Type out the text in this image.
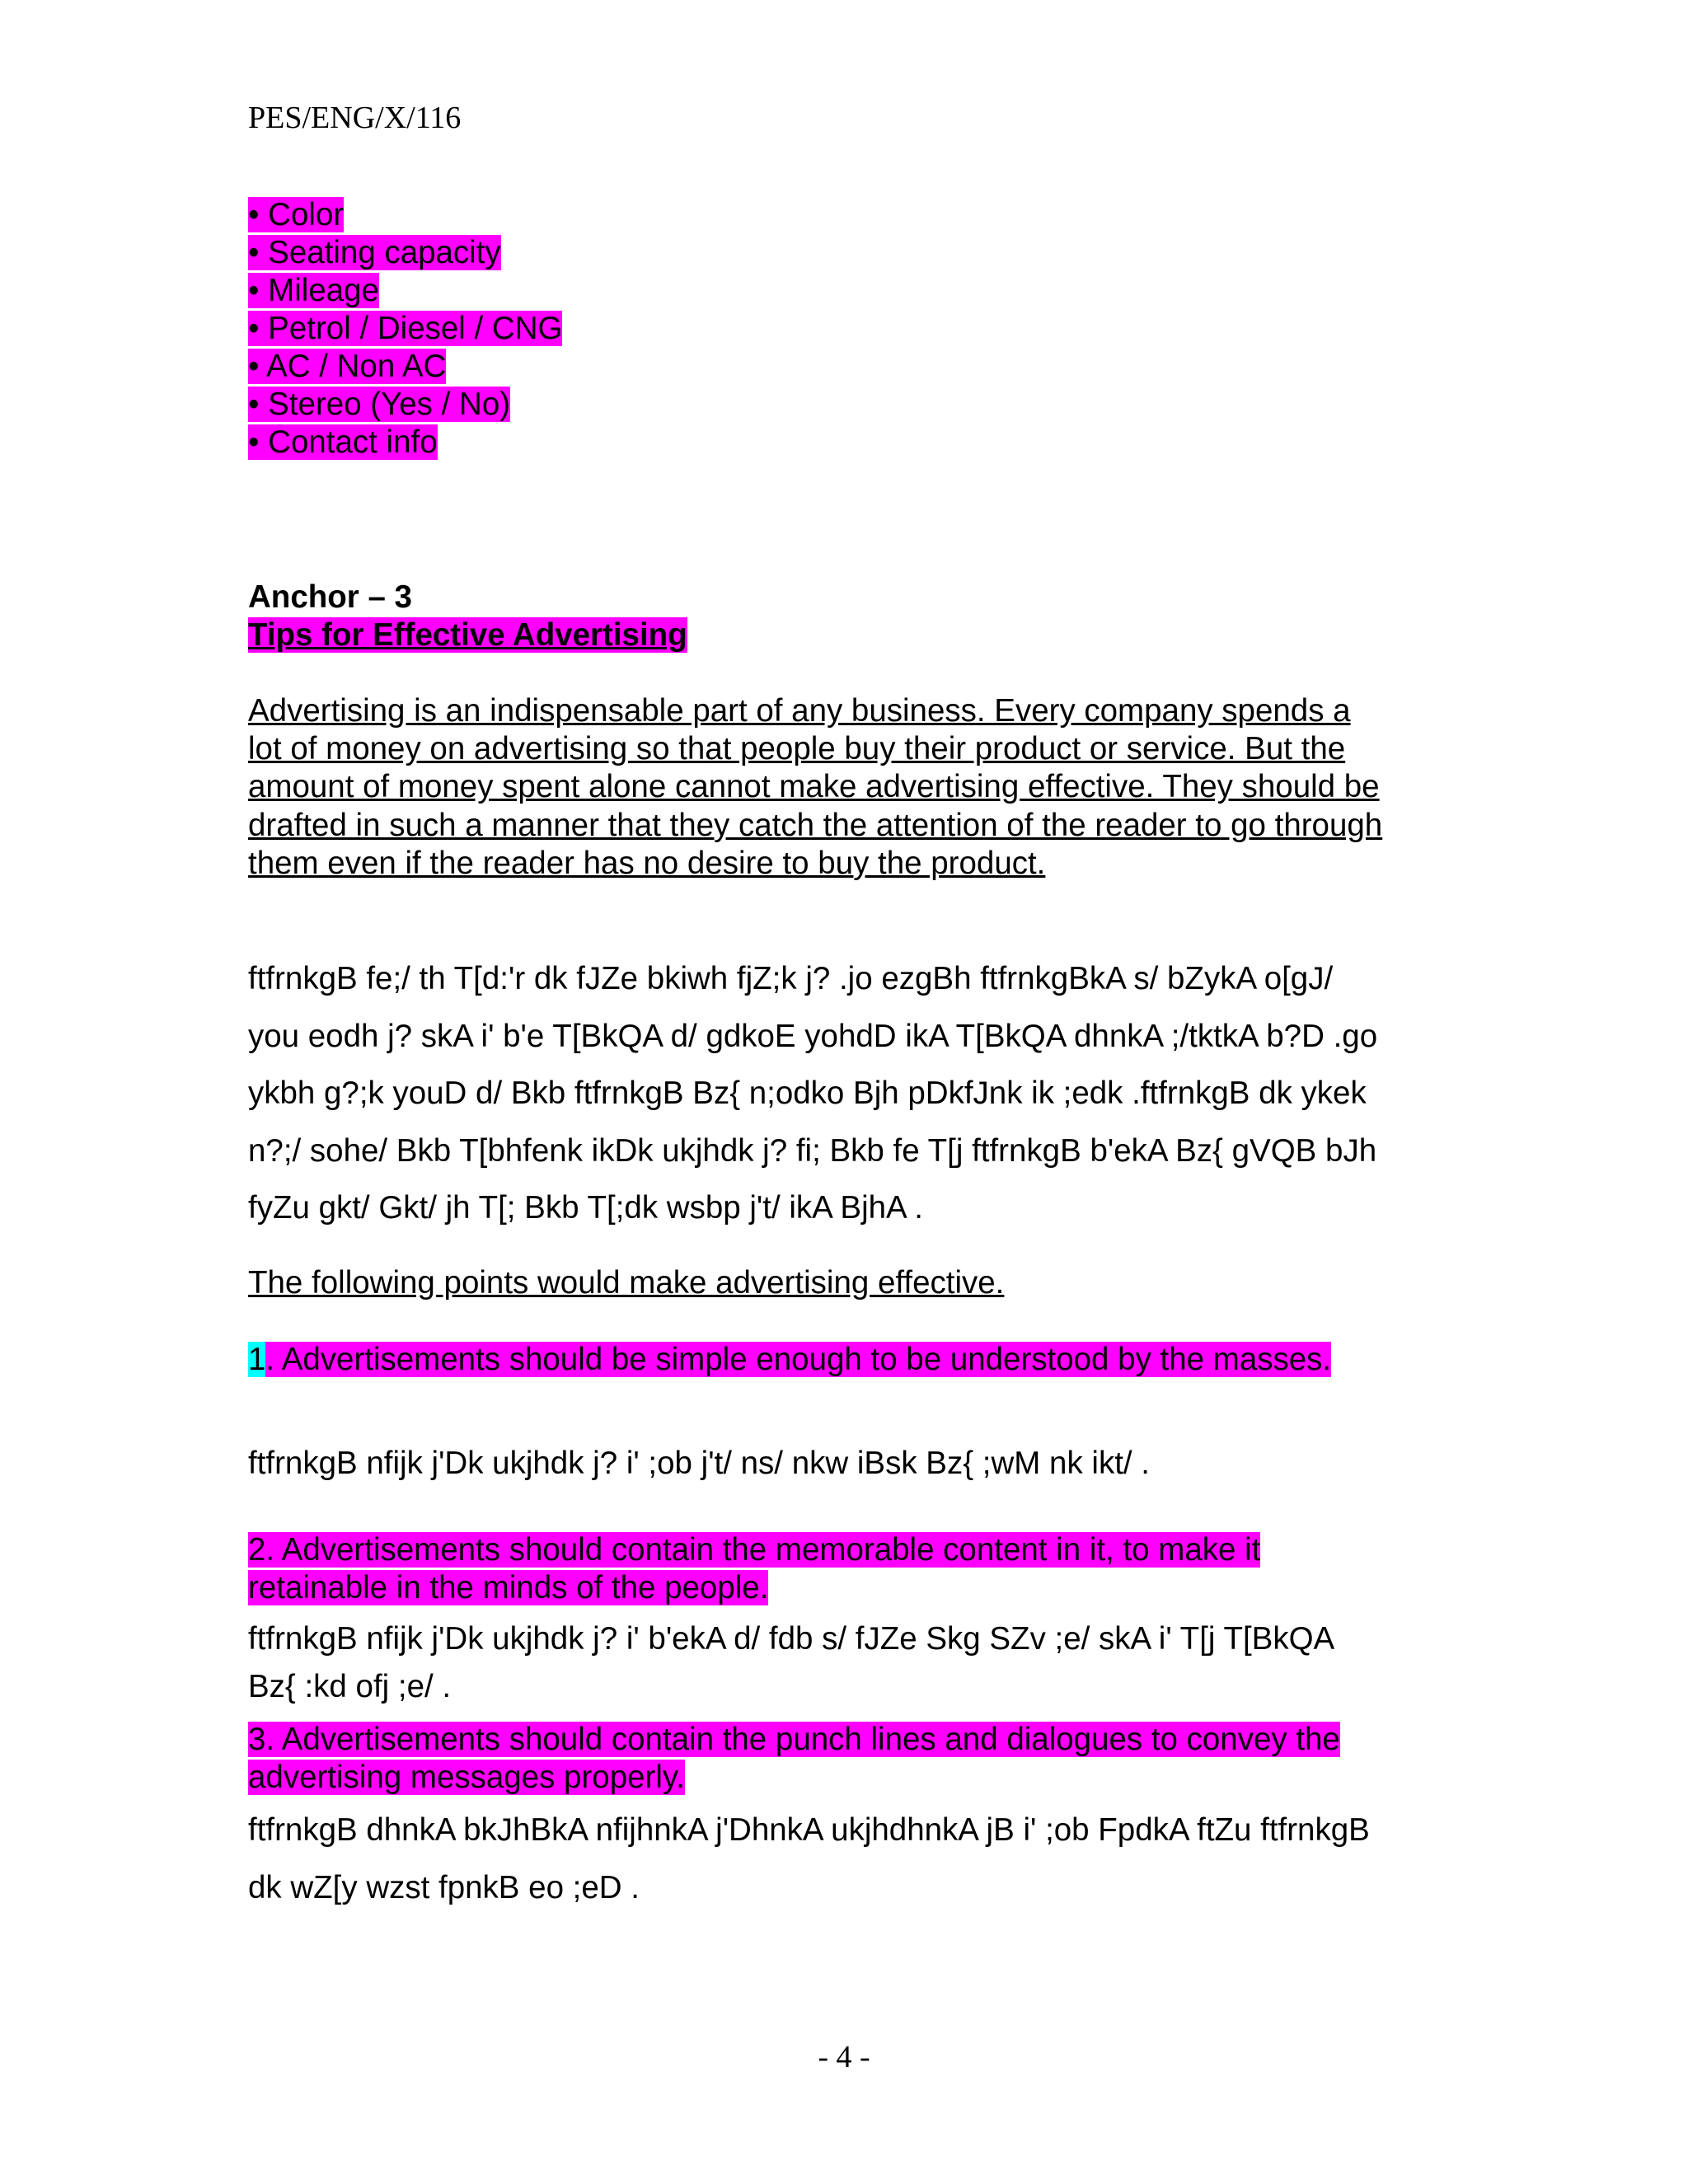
PES/ENG/X/116
• Color
• Seating capacity
• Mileage
• Petrol / Diesel / CNG
• AC / Non AC
• Stereo (Yes / No)
• Contact info
Anchor – 3
Tips for Effective Advertising
Advertising is an indispensable part of any business. Every company spends a
lot of money on advertising so that people buy their product or service. But the
amount of money spent alone cannot make advertising effective. They should be
drafted in such a manner that they catch the attention of the reader to go through
them even if the reader has no desire to buy the product.
ftfrnkgB fe;/ th T[d:'r dk fJZe bkiwh fjZ;k j? .jo ezgBh ftfrnkgBkA s/ bZykA o[gJ/
you eodh j? skA i' b'e T[BkQA d/ gdkoE yohdD ikA T[BkQA dhnkA ;/tktkA b?D .go
ykbh g?;k youD d/ Bkb ftfrnkgB Bz{ n;odko Bjh pDkfJnk ik ;edk .ftfrnkgB dk ykek
n?;/ sohe/ Bkb T[bhfenk ikDk ukjhdk j? fi; Bkb fe T[j ftfrnkgB b'ekA Bz{ gVQB bJh
fyZu gkt/ Gkt/ jh T[; Bkb T[;dk wsbp j't/ ikA BjhA .
The following points would make advertising effective.
1. Advertisements should be simple enough to be understood by the masses.
ftfrnkgB nfijk j'Dk ukjhdk j? i' ;ob j't/ ns/ nkw iBsk Bz{ ;wM nk ikt/ .
2. Advertisements should contain the memorable content in it, to make it
retainable in the minds of the people.
ftfrnkgB nfijk j'Dk ukjhdk j? i' b'ekA d/ fdb s/ fJZe Skg SZv ;e/ skA i' T[j T[BkQA
Bz{ :kd ofj ;e/ .
3. Advertisements should contain the punch lines and dialogues to convey the
advertising messages properly.
ftfrnkgB dhnkA bkJhBkA nfijhnkA j'DhnkA ukjhdhnkA jB i' ;ob FpdkA ftZu ftfrnkgB
dk wZ[y wzst fpnkB eo ;eD .
- 4 -
